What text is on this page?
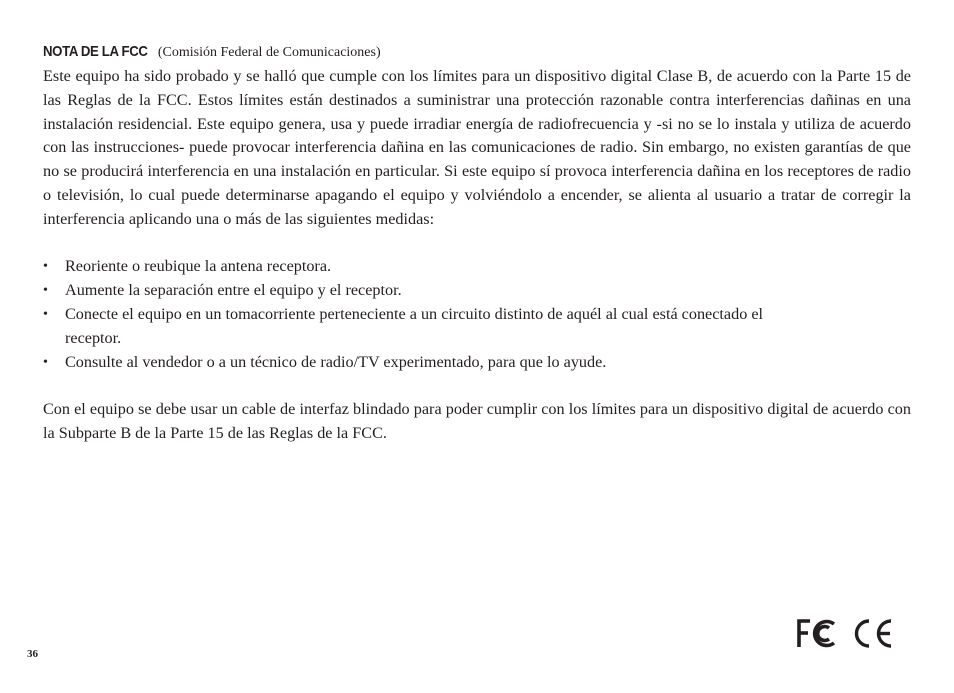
NOTA DE LA FCC (Comisión Federal de Comunicaciones)

Este equipo ha sido probado y se halló que cumple con los límites para un dispositivo digital Clase B, de acuerdo con la Parte 15 de las Reglas de la FCC. Estos límites están destinados a suministrar una protección razonable contra interferencias dañinas en una instalación residencial. Este equipo genera, usa y puede irradiar energía de radiofrecuencia y -si no se lo instala y utiliza de acuerdo con las instrucciones- puede provocar interferencia dañina en las comunicaciones de radio. Sin embargo, no existen garantías de que no se producirá interferencia en una instalación en particular. Si este equipo sí provoca interferencia dañina en los receptores de radio o televisión, lo cual puede determinarse apagando el equipo y volviéndolo a encender, se alienta al usuario a tratar de corregir la interferencia aplicando una o más de las siguientes medidas:

• Reoriente o reubique la antena receptora.
• Aumente la separación entre el equipo y el receptor.
• Conecte el equipo en un tomacorriente perteneciente a un circuito distinto de aquél al cual está conectado el receptor.
• Consulte al vendedor o a un técnico de radio/TV experimentado, para que lo ayude.

Con el equipo se debe usar un cable de interfaz blindado para poder cumplir con los límites para un dispositivo digital de acuerdo con la Subparte B de la Parte 15 de las Reglas de la FCC.

36
